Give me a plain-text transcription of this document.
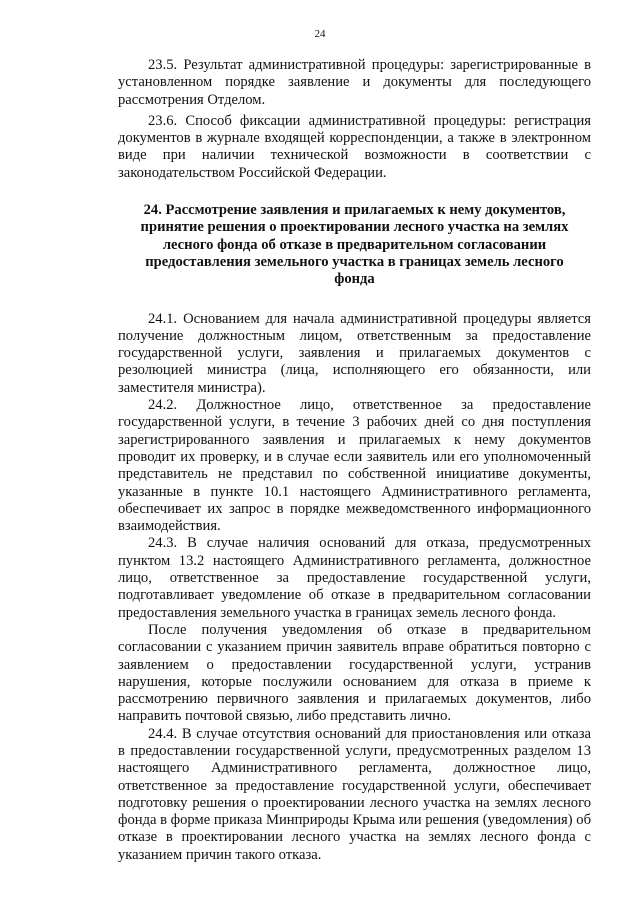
24

23.5. Результат административной процедуры: зарегистрированные в установленном порядке заявление и документы для последующего рассмотрения Отделом.

23.6. Способ фиксации административной процедуры: регистрация документов в журнале входящей корреспонденции, а также в электронном виде при наличии технической возможности в соответствии с законодательством Российской Федерации.

24. Рассмотрение заявления и прилагаемых к нему документов, принятие решения о проектировании лесного участка на землях лесного фонда об отказе в предварительном согласовании предоставления земельного участка в границах земель лесного фонда

24.1. Основанием для начала административной процедуры является получение должностным лицом, ответственным за предоставление государственной услуги, заявления и прилагаемых документов с резолюцией министра (лица, исполняющего его обязанности, или заместителя министра).

24.2. Должностное лицо, ответственное за предоставление государственной услуги, в течение 3 рабочих дней со дня поступления зарегистрированного заявления и прилагаемых к нему документов проводит их проверку, и в случае если заявитель или его уполномоченный представитель не представил по собственной инициативе документы, указанные в пункте 10.1 настоящего Административного регламента, обеспечивает их запрос в порядке межведомственного информационного взаимодействия.

24.3. В случае наличия оснований для отказа, предусмотренных пунктом 13.2 настоящего Административного регламента, должностное лицо, ответственное за предоставление государственной услуги, подготавливает уведомление об отказе в предварительном согласовании предоставления земельного участка в границах земель лесного фонда.

После получения уведомления об отказе в предварительном согласовании с указанием причин заявитель вправе обратиться повторно с заявлением о предоставлении государственной услуги, устранив нарушения, которые послужили основанием для отказа в приеме к рассмотрению первичного заявления и прилагаемых документов, либо направить почтовой связью, либо представить лично.

24.4. В случае отсутствия оснований для приостановления или отказа в предоставлении государственной услуги, предусмотренных разделом 13 настоящего Административного регламента, должностное лицо, ответственное за предоставление государственной услуги, обеспечивает подготовку решения о проектировании лесного участка на землях лесного фонда в форме приказа Минприроды Крыма или решения (уведомления) об отказе в проектировании лесного участка на землях лесного фонда с указанием причин такого отказа.
